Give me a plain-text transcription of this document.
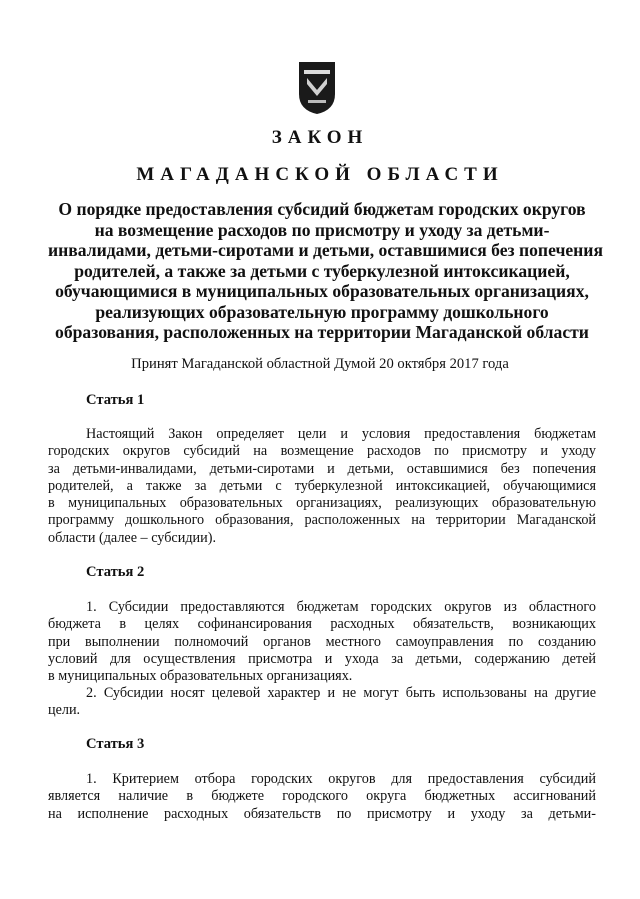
ЗАКОН
МАГАДАНСКОЙ ОБЛАСТИ
О порядке предоставления субсидий бюджетам городских округов
на возмещение расходов по присмотру и уходу за детьми-
инвалидами, детьми-сиротами и детьми, оставшимися без попечения
родителей, а также за детьми с туберкулезной интоксикацией,
обучающимися в муниципальных образовательных организациях,
реализующих образовательную программу дошкольного
образования, расположенных на территории Магаданской области
Принят Магаданской областной Думой 20 октября 2017 года
Статья 1
Настоящий Закон определяет цели и условия предоставления бюджетам
городских округов субсидий на возмещение расходов по присмотру и уходу
за детьми-инвалидами, детьми-сиротами и детьми, оставшимися без попечения
родителей, а также за детьми с туберкулезной интоксикацией, обучающимися
в муниципальных образовательных организациях, реализующих образовательную
программу дошкольного образования, расположенных на территории Магаданской
области (далее – субсидии).
Статья 2
1. Субсидии предоставляются бюджетам городских округов из областного
бюджета в целях софинансирования расходных обязательств, возникающих
при выполнении полномочий органов местного самоуправления по созданию
условий для осуществления присмотра и ухода за детьми, содержанию детей
в муниципальных образовательных организациях.
2. Субсидии носят целевой характер и не могут быть использованы на другие
цели.
Статья 3
1. Критерием отбора городских округов для предоставления субсидий
является наличие в бюджете городского округа бюджетных ассигнований
на исполнение расходных обязательств по присмотру и уходу за детьми-
